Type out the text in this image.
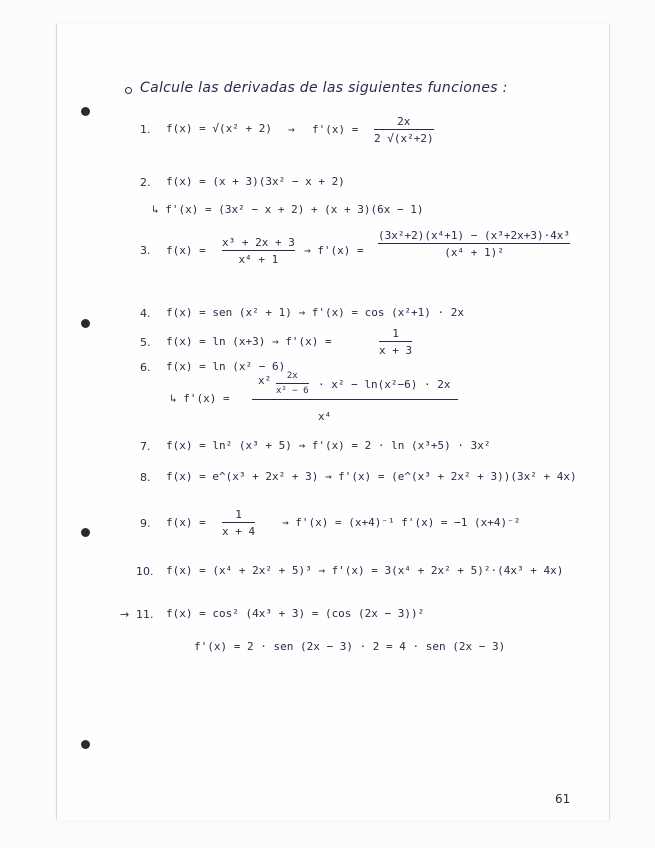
Calcule las derivadas de las siguientes funciones :
1. $f(x) = √(x^2 + 2) \to f'(x) = \frac{2x}{\text{2 √(x²+2)}}$
2. f(x) = (x + 3)(3x² − x + 2)
↳ f'(x) = (3x² − x + 2) + (x + 3)(6x − 1)
3. $f(x) = \frac{\text{x³ + 2x + 3}}{\text{x⁴ + 1}} \to f'(x) = \frac{\text{(3x²+2)(x⁴+1) − (x³+2x+3)·4x³}}{\text{(x⁴ + 1)²}}$
4. f(x) = sen (x² + 1) → f'(x) = cos (x²+1) · 2x
5. f(x) = ln (x+3) → f'(x) =	$\frac{1}{x + 3}$
6. f(x) = ln (x² − 6)
↳ f'(x) =
$x^2 \frac{2x}{\text{x² − 6}} \cdot x^2 - \ln(x^2-6) \cdot 2x$
x⁴
7. f(x) = ln² (x³ + 5) → f'(x) = 2 · ln (x³+5) · 3x²
8. f(x) = e^(x³ + 2x² + 3) → f'(x) = (e^(x³ + 2x² + 3))(3x² + 4x)
9. $f(x) = \frac{1}{x + 4} \to f'(x) = (x+4)^{-1}$ f'(x) = −1 (x+4)⁻²
10. f(x) = (x⁴ + 2x² + 5)³ → f'(x) = 3(x⁴ + 2x² + 5)²·(4x³ + 4x)
→ 11. f(x) = cos² (4x³ + 3) = (cos (2x − 3))²
f'(x) = 2 · sen (2x − 3) · 2 = 4 · sen (2x − 3)
61
